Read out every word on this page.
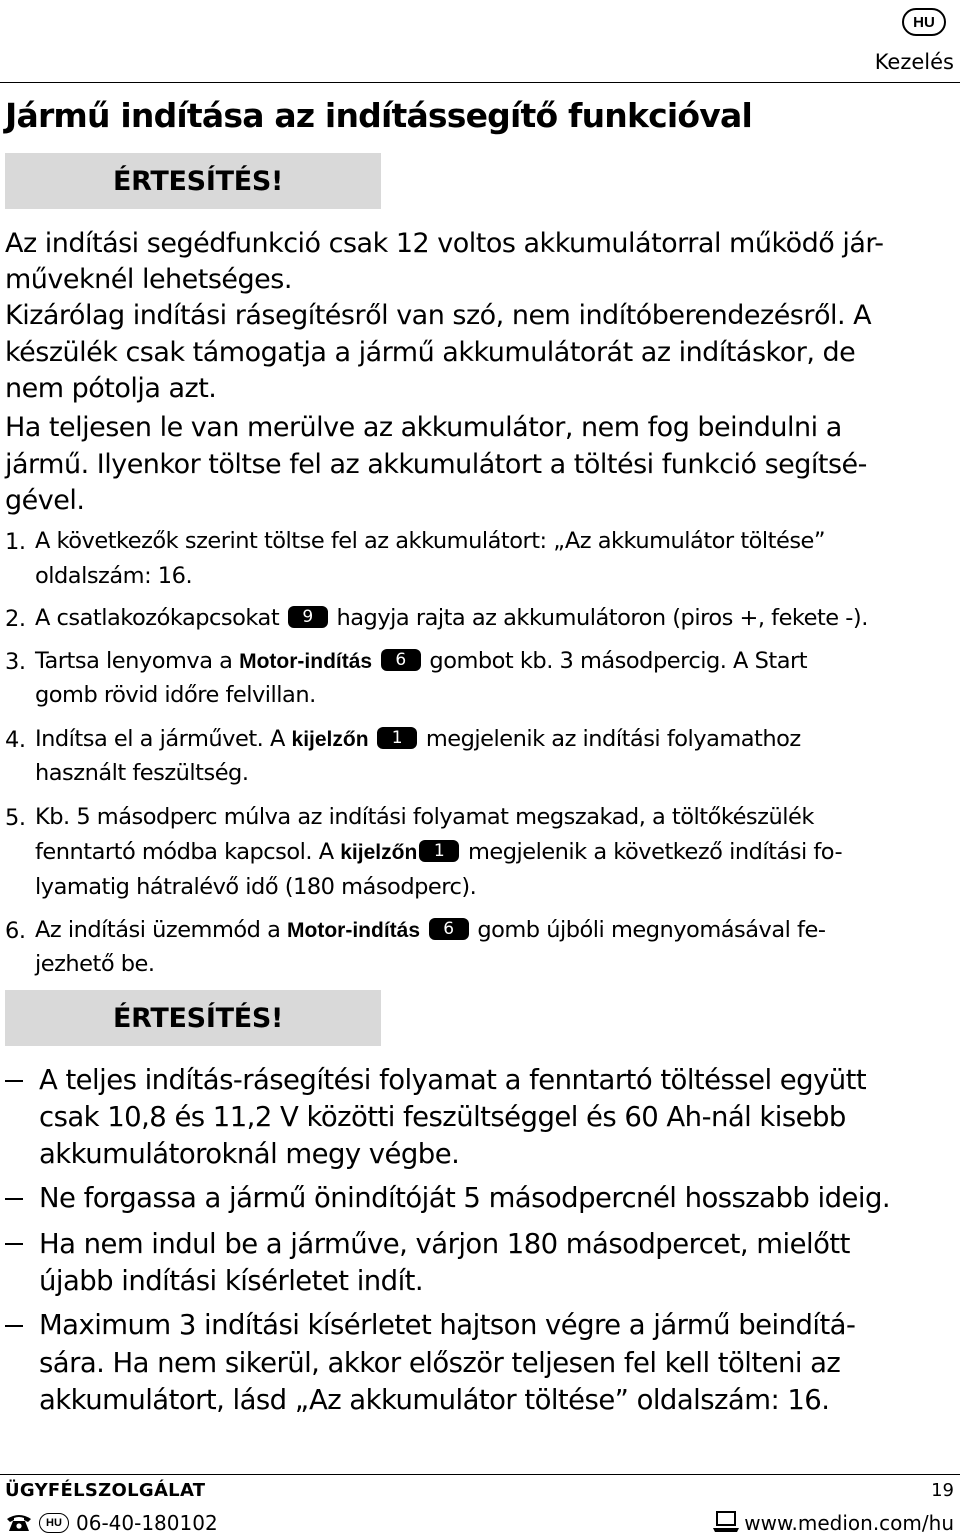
HU
Kezelés
Jármű indítása az indítássegítő funkcióval
ÉRTESÍTÉS!
Az indítási segédfunkció csak 12 voltos akkumulátorral működő jár-
műveknél lehetséges.
Kizárólag indítási rásegítésről van szó, nem indítóberendezésről. A
készülék csak támogatja a jármű akkumulátorát az indításkor, de
nem pótolja azt.
Ha teljesen le van merülve az akkumulátor, nem fog beindulni a
jármű. Ilyenkor töltse fel az akkumulátort a töltési funkció segítsé-
gével.
1. A következők szerint töltse fel az akkumulátort: „Az akkumulátor töltése”
oldalszám: 16.
2. A csatlakozókapcsokat 9 hagyja rajta az akkumulátoron (piros +, fekete -).
3. Tartsa lenyomva a Motor-indítás 6 gombot kb. 3 másodpercig. A Start
gomb rövid időre felvillan.
4. Indítsa el a járművet. A kijelzőn 1 megjelenik az indítási folyamathoz
használt feszültség.
5. Kb. 5 másodperc múlva az indítási folyamat megszakad, a töltőkészülék
fenntartó módba kapcsol. A kijelzőn 1 megjelenik a következő indítási fo-
lyamatig hátralévő idő (180 másodperc).
6. Az indítási üzemmód a Motor-indítás 6 gomb újbóli megnyomásával fe-
jezhető be.
ÉRTESÍTÉS!
A teljes indítás-rásegítési folyamat a fenntartó töltéssel együtt
csak 10,8 és 11,2 V közötti feszültséggel és 60 Ah-nál kisebb
akkumulátoroknál megy végbe.
Ne forgassa a jármű önindítóját 5 másodpercnél hosszabb ideig.
Ha nem indul be a járműve, várjon 180 másodpercet, mielőtt
újabb indítási kísérletet indít.
Maximum 3 indítási kísérletet hajtson végre a jármű beindítá-
sára. Ha nem sikerül, akkor először teljesen fel kell tölteni az
akkumulátort, lásd „Az akkumulátor töltése” oldalszám: 16.
ÜGYFÉLSZOLGÁLAT	19
HU 06-40-180102	www.medion.com/hu
